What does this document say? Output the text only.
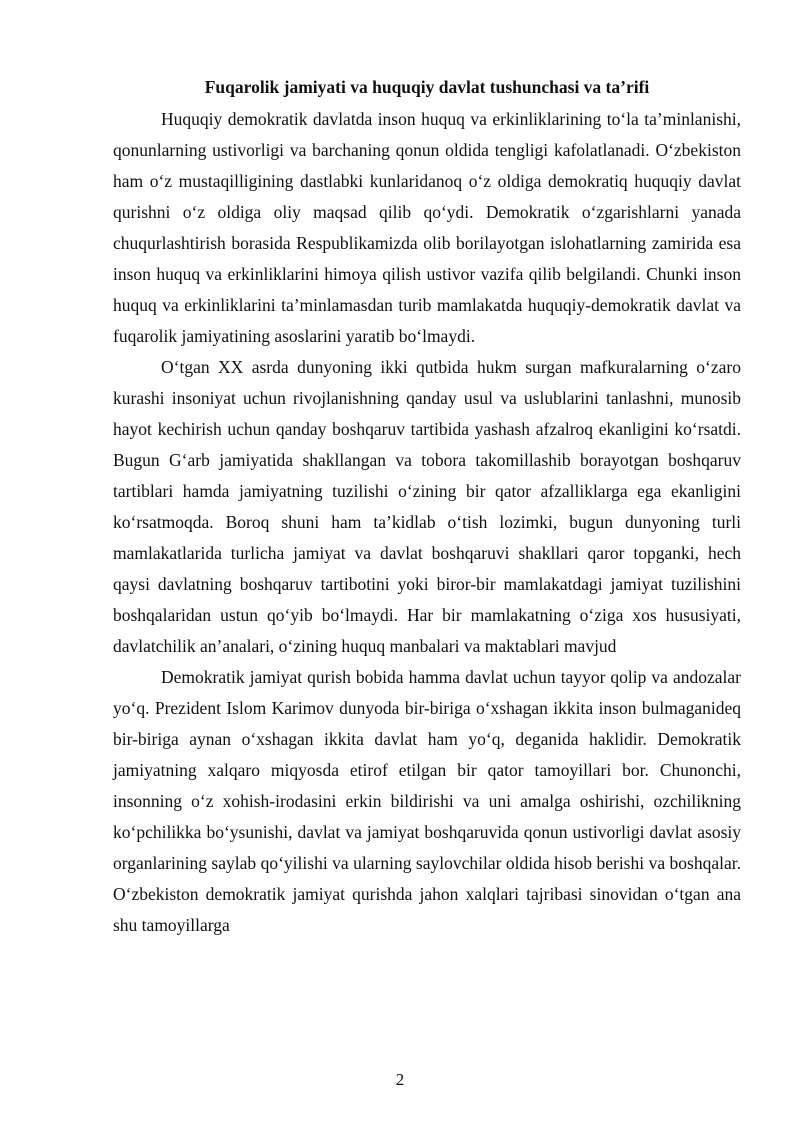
Fuqarolik jamiyati va huquqiy davlat tushunchasi va ta’rifi

Huquqiy demokratik davlatda inson huquq va erkinliklarining to‘la ta’minlanishi, qonunlarning ustivorligi va barchaning qonun oldida tengligi kafolatlanadi. O‘zbekiston ham o‘z mustaqilligining dastlabki kunlaridanoq o‘z oldiga demokratiq huquqiy davlat qurishni o‘z oldiga oliy maqsad qilib qo‘ydi. Demokratik o‘zgarishlarni yanada chuqurlashtirish borasida Respublikamizda olib borilayotgan islohatlarning zamirida esa inson huquq va erkinliklarini himoya qilish ustivor vazifa qilib belgilandi. Chunki inson huquq va erkinliklarini ta’minlamasdan turib mamlakatda huquqiy-demokratik davlat va fuqarolik jamiyatining asoslarini yaratib bo‘lmaydi.

O‘tgan XX asrda dunyoning ikki qutbida hukm surgan mafkuralarning o‘zaro kurashi insoniyat uchun rivojlanishning qanday usul va uslublarini tanlashni, munosib hayot kechirish uchun qanday boshqaruv tartibida yashash afzalroq ekanligini ko‘rsatdi. Bugun G‘arb jamiyatida shakllangan va tobora takomillashib borayotgan boshqaruv tartiblari hamda jamiyatning tuzilishi o‘zining bir qator afzalliklarga ega ekanligini ko‘rsatmoqda. Boroq shuni ham ta’kidlab o‘tish lozimki, bugun dunyoning turli mamlakatlarida turlicha jamiyat va davlat boshqaruvi shakllari qaror topganki, hech qaysi davlatning boshqaruv tartibotini yoki biror-bir mamlakatdagi jamiyat tuzilishini boshqalaridan ustun qo‘yib bo‘lmaydi. Har bir mamlakatning o‘ziga xos hususiyati, davlatchilik an’analari, o‘zining huquq manbalari va maktablari mavjud

Demokratik jamiyat qurish bobida hamma davlat uchun tayyor qolip va andozalar yo‘q. Prezident Islom Karimov dunyoda bir-biriga o‘xshagan ikkita inson bulmaganideq bir-biriga aynan o‘xshagan ikkita davlat ham yo‘q, deganida haklidir. Demokratik jamiyatning xalqaro miqyosda etirof etilgan bir qator tamoyillari bor. Chunonchi, insonning o‘z xohish-irodasini erkin bildirishi va uni amalga oshirishi, ozchilikning ko‘pchilikka bo‘ysunishi, davlat va jamiyat boshqaruvida qonun ustivorligi davlat asosiy organlarining saylab qo‘yilishi va ularning saylovchilar oldida hisob berishi va boshqalar. O‘zbekiston demokratik jamiyat qurishda jahon xalqlari tajribasi sinovidan o‘tgan ana shu tamoyillarga

2
